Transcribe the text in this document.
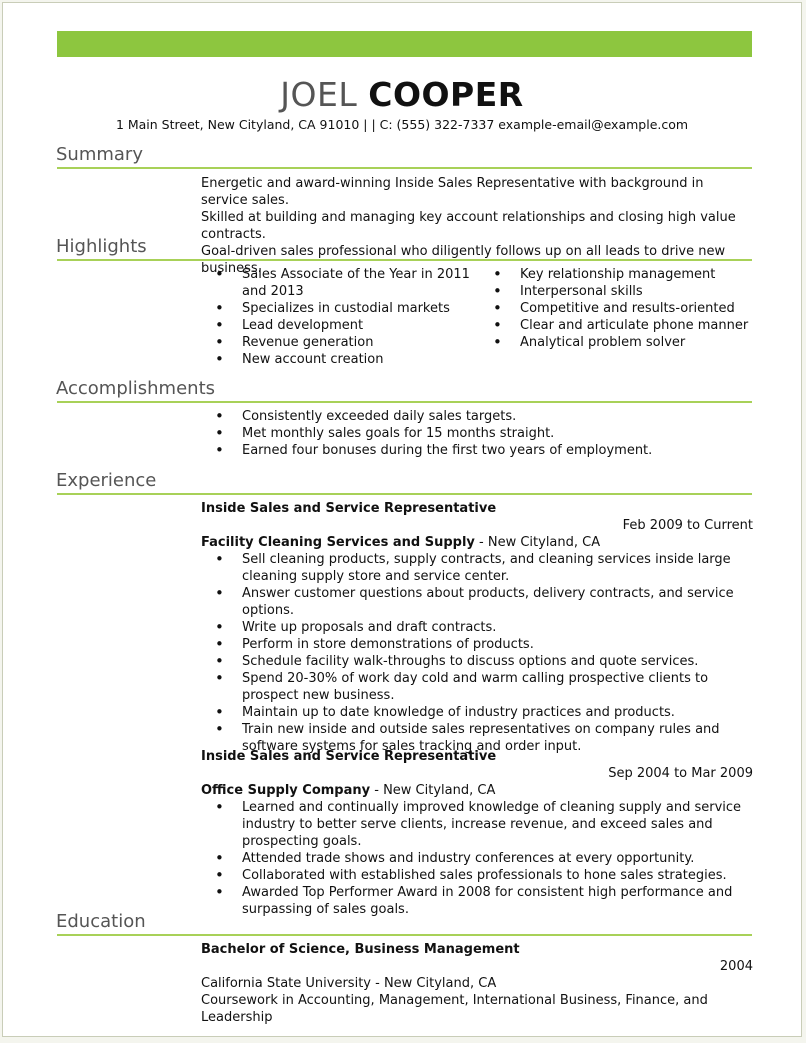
JOEL COOPER
1 Main Street, New Cityland, CA 91010 | | C: (555) 322-7337 example-email@example.com
Summary
Energetic and award-winning Inside Sales Representative with background in service sales.
Skilled at building and managing key account relationships and closing high value contracts.
Goal-driven sales professional who diligently follows up on all leads to drive new business.
Highlights
• Sales Associate of the Year in 2011 and 2013
• Specializes in custodial markets
• Lead development
• Revenue generation
• New account creation
• Key relationship management
• Interpersonal skills
• Competitive and results-oriented
• Clear and articulate phone manner
• Analytical problem solver
Accomplishments
• Consistently exceeded daily sales targets.
• Met monthly sales goals for 15 months straight.
• Earned four bonuses during the first two years of employment.
Experience
Inside Sales and Service Representative
Feb 2009 to Current
Facility Cleaning Services and Supply - New Cityland, CA
• Sell cleaning products, supply contracts, and cleaning services inside large cleaning supply store and service center.
• Answer customer questions about products, delivery contracts, and service options.
• Write up proposals and draft contracts.
• Perform in store demonstrations of products.
• Schedule facility walk-throughs to discuss options and quote services.
• Spend 20-30% of work day cold and warm calling prospective clients to prospect new business.
• Maintain up to date knowledge of industry practices and products.
• Train new inside and outside sales representatives on company rules and software systems for sales tracking and order input.
Inside Sales and Service Representative
Sep 2004 to Mar 2009
Office Supply Company - New Cityland, CA
• Learned and continually improved knowledge of cleaning supply and service industry to better serve clients, increase revenue, and exceed sales and prospecting goals.
• Attended trade shows and industry conferences at every opportunity.
• Collaborated with established sales professionals to hone sales strategies.
• Awarded Top Performer Award in 2008 for consistent high performance and surpassing of sales goals.
Education
Bachelor of Science, Business Management
2004
California State University - New Cityland, CA
Coursework in Accounting, Management, International Business, Finance, and Leadership
